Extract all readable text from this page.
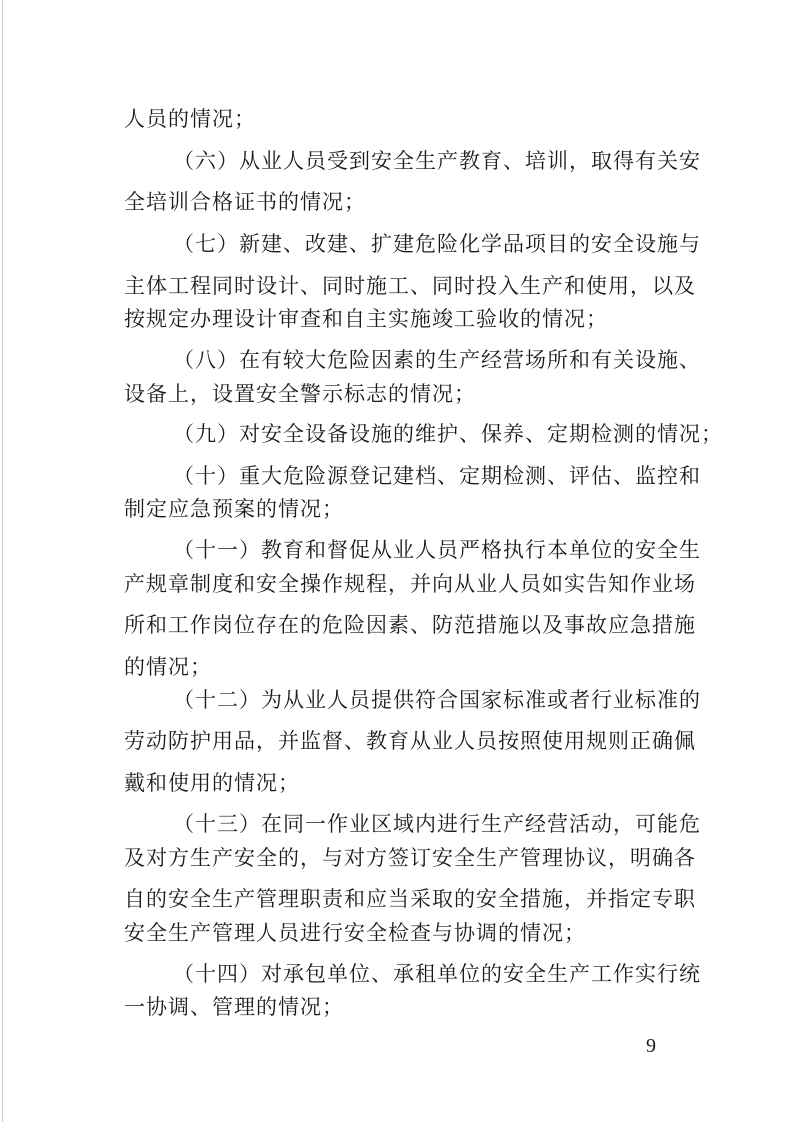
人员的情况；
（六）从业人员受到安全生产教育、培训，取得有关安
全培训合格证书的情况；
（七）新建、改建、扩建危险化学品项目的安全设施与
主体工程同时设计、同时施工、同时投入生产和使用，以及
按规定办理设计审查和自主实施竣工验收的情况；
（八）在有较大危险因素的生产经营场所和有关设施、
设备上，设置安全警示标志的情况；
（九）对安全设备设施的维护、保养、定期检测的情况；
（十）重大危险源登记建档、定期检测、评估、监控和
制定应急预案的情况；
（十一）教育和督促从业人员严格执行本单位的安全生
产规章制度和安全操作规程，并向从业人员如实告知作业场
所和工作岗位存在的危险因素、防范措施以及事故应急措施
的情况；
（十二）为从业人员提供符合国家标准或者行业标准的
劳动防护用品，并监督、教育从业人员按照使用规则正确佩
戴和使用的情况；
（十三）在同一作业区域内进行生产经营活动，可能危
及对方生产安全的，与对方签订安全生产管理协议，明确各
自的安全生产管理职责和应当采取的安全措施，并指定专职
安全生产管理人员进行安全检查与协调的情况；
（十四）对承包单位、承租单位的安全生产工作实行统
一协调、管理的情况；
9
